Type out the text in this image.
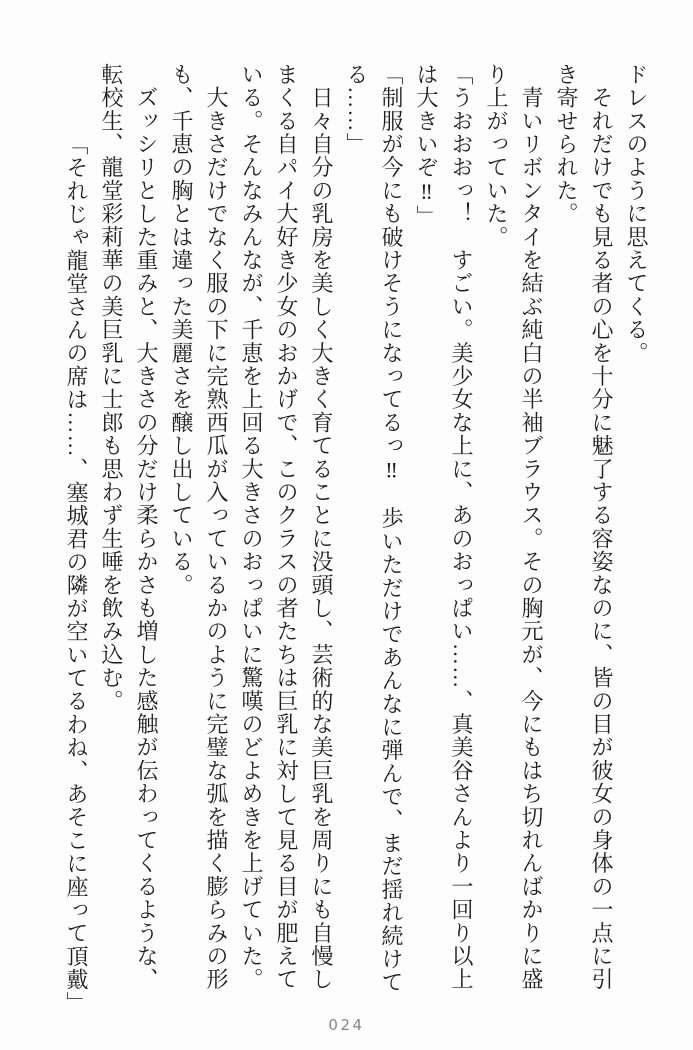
ドレスのように思えてくる。

　それだけでも見る者の心を十分に魅了する容姿なのに、皆の目が彼女の身体の一点に引

き寄せられた。

　青いリボンタイを結ぶ純白の半袖ブラウス。その胸元が、今にもはち切れんばかりに盛

り上がっていた。

「うおおおっ！　すごい。美少女な上に、あのおっぱい……、真美谷さんより一回り以上

は大きいぞ‼」

「制服が今にも破けそうになってるっ‼　歩いただけであんなに弾んで、まだ揺れ続けて

る……」

　日々自分の乳房を美しく大きく育てることに没頭し、芸術的な美巨乳を周りにも自慢し

まくる自パイ大好き少女のおかげで、このクラスの者たちは巨乳に対して見る目が肥えて

いる。そんなみんなが、千恵を上回る大きさのおっぱいに驚嘆のどよめきを上げていた。

　大きさだけでなく服の下に完熟西瓜が入っているかのように完璧な弧を描く膨らみの形

も、千恵の胸とは違った美麗さを醸し出している。

　ズッシリとした重みと、大きさの分だけ柔らかさも増した感触が伝わってくるような、

転校生、龍堂彩莉華の美巨乳に士郎も思わず生唾を飲み込む。

「それじゃ龍堂さんの席は……、塞城君の隣が空いてるわね、あそこに座って頂戴」

024
